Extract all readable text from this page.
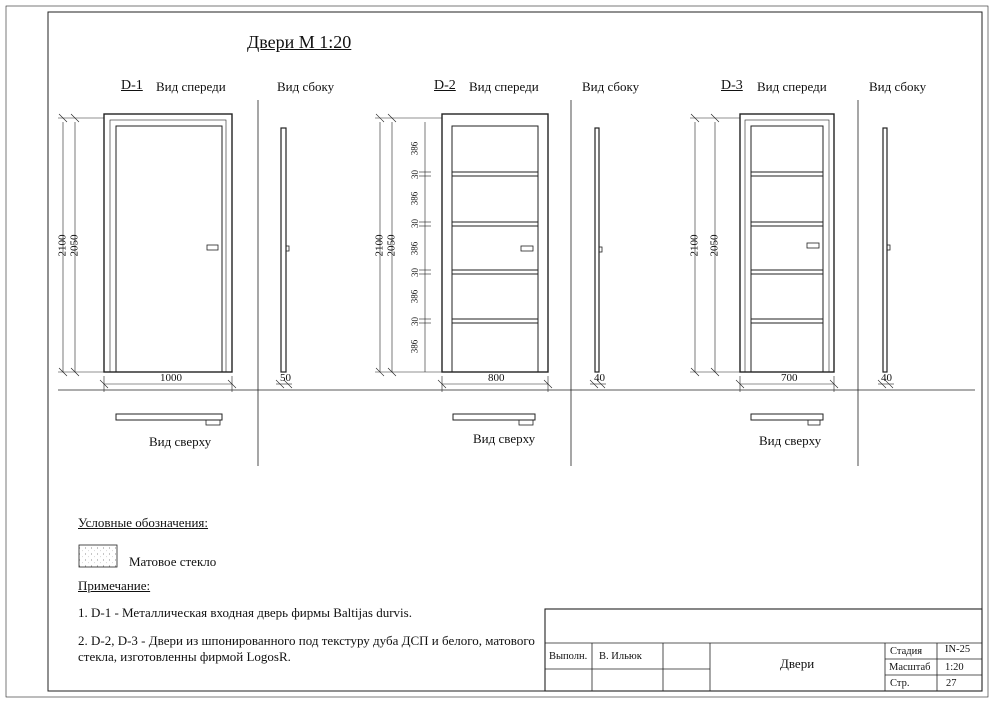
Двери М 1:20
D-1 Вид спереди	Вид сбоку
Вид сверху
2100 2050
1000	50
D-2 Вид спереди	Вид сбоку
Вид сверху
2100 2050
800	40
386
30
386
30
386
30
386
30
386
D-3 Вид спереди	Вид сбоку
Вид сверху
2100 2050
700	40
Условные обозначения:
Матовое стекло
Примечание:
1. D-1 - Металлическая входная дверь фирмы Baltijas durvis.
2. D-2, D-3 - Двери из шпонированного под текстуру дуба ДСП и белого, матового
стекла, изготовленны фирмой LogosR.	Выполн. В. Ильюк	Двери
Стадия IN-25
Масштаб 1:20
Стр.	27
